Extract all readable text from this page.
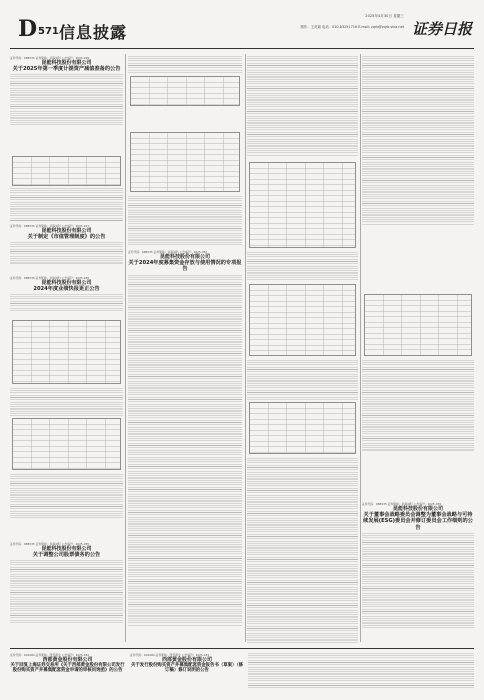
D 571 信息披露
2025年4月30日 星期三
制作：王英斌 电话：010-83251716 E-mail: zqrb@zqrb.sina.net 证券日报
证券代码：688535 证券简称：华海诚科 公告编号：2025-038
昆能科技股份有限公司
关于2025年第一季度计提资产减值准备的公告
证券代码：688535 证券简称：华海诚科 公告编号：2025-037
昆能科技股份有限公司
关于制定《市值管理制度》的公告
证券代码：688535 证券简称：华海诚科 公告编号：2025-036
昆能科技股份有限公司
2024年度业绩快报更正公告
证券代码：688535 证券简称：华海诚科 公告编号：2025-035
昆能科技股份有限公司
关于调整公司股票债务的公告
证券代码：688535 证券简称：华海诚科 公告编号：2025-034
昆能科技股份有限公司
关于2024年度募集资金存放与使用情况的专项报告
证券代码：688535 证券简称：华海诚科 公告编号：2025-039
昆能科技股份有限公司
关于董事会战略委员会调整为董事会战略与可持续发展(ESG)委员会并修订委员会工作细则的公告
证券代码：601069 证券简称：西部黄金 公告编号：2025-032
西部黄金股份有限公司
关于回复上海证券交易所《关于西部黄金股份有限公司发行股份购买资产并募集配套资金申请的审核问询函》的公告
证券代码：601069 证券简称：西部黄金 公告编号：2025-033
西部黄金股份有限公司
关于发行股份购买资产并募集配套资金报告书（草案）（修订稿）修订说明的公告
